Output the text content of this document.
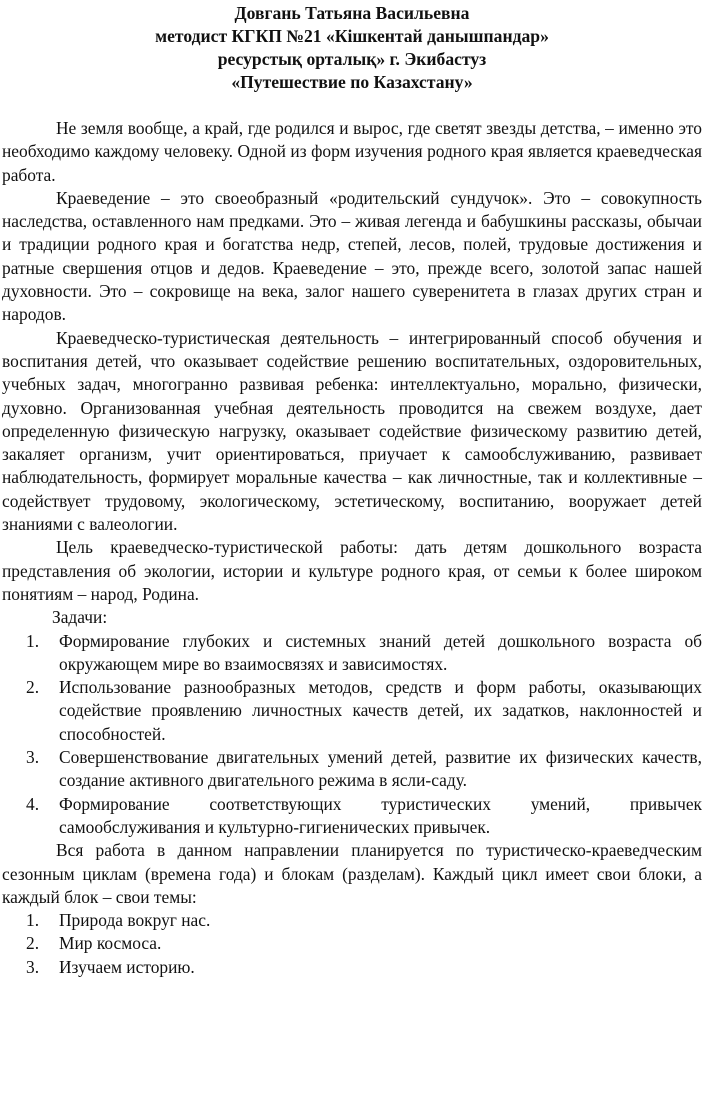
Довгань Татьяна Васильевна
методист КГКП №21 «Кішкентай данышпандар»
ресурстық орталық» г. Экибастуз
«Путешествие по Казахстану»

Не земля вообще, а край, где родился и вырос, где светят звезды детства, – именно это необходимо каждому человеку. Одной из форм изучения родного края является краеведческая работа.

Краеведение – это своеобразный «родительский сундучок». Это – совокупность наследства, оставленного нам предками. Это – живая легенда и бабушкины рассказы, обычаи и традиции родного края и богатства недр, степей, лесов, полей, трудовые достижения и ратные свершения отцов и дедов. Краеведение – это, прежде всего, золотой запас нашей духовности. Это – сокровище на века, залог нашего суверенитета в глазах других стран и народов.

Краеведческо-туристическая деятельность – интегрированный способ обучения и воспитания детей, что оказывает содействие решению воспитательных, оздоровительных, учебных задач, многогранно развивая ребенка: интеллектуально, морально, физически, духовно. Организованная учебная деятельность проводится на свежем воздухе, дает определенную физическую нагрузку, оказывает содействие физическому развитию детей, закаляет организм, учит ориентироваться, приучает к самообслуживанию, развивает наблюдательность, формирует моральные качества – как личностные, так и коллективные – содействует трудовому, экологическому, эстетическому, воспитанию, вооружает детей знаниями с валеологии.

Цель краеведческо-туристической работы: дать детям дошкольного возраста представления об экологии, истории и культуре родного края, от семьи к более широком понятиям – народ, Родина.

Задачи:

1.	Формирование глубоких и системных знаний детей дошкольного возраста об окружающем мире во взаимосвязях и зависимостях.
2.	Использование разнообразных методов, средств и форм работы, оказывающих содействие проявлению личностных качеств детей, их задатков, наклонностей и способностей.
3.	Совершенствование двигательных умений детей, развитие их физических качеств, создание активного двигательного режима в ясли-саду.
4.	Формирование соответствующих туристических умений, привычек самообслуживания и культурно-гигиенических привычек.

Вся работа в данном направлении планируется по туристическо-краеведческим сезонным циклам (времена года) и блокам (разделам). Каждый цикл имеет свои блоки, а каждый блок – свои темы:

1.	Природа вокруг нас.
2.	Мир космоса.
3.	Изучаем историю.
